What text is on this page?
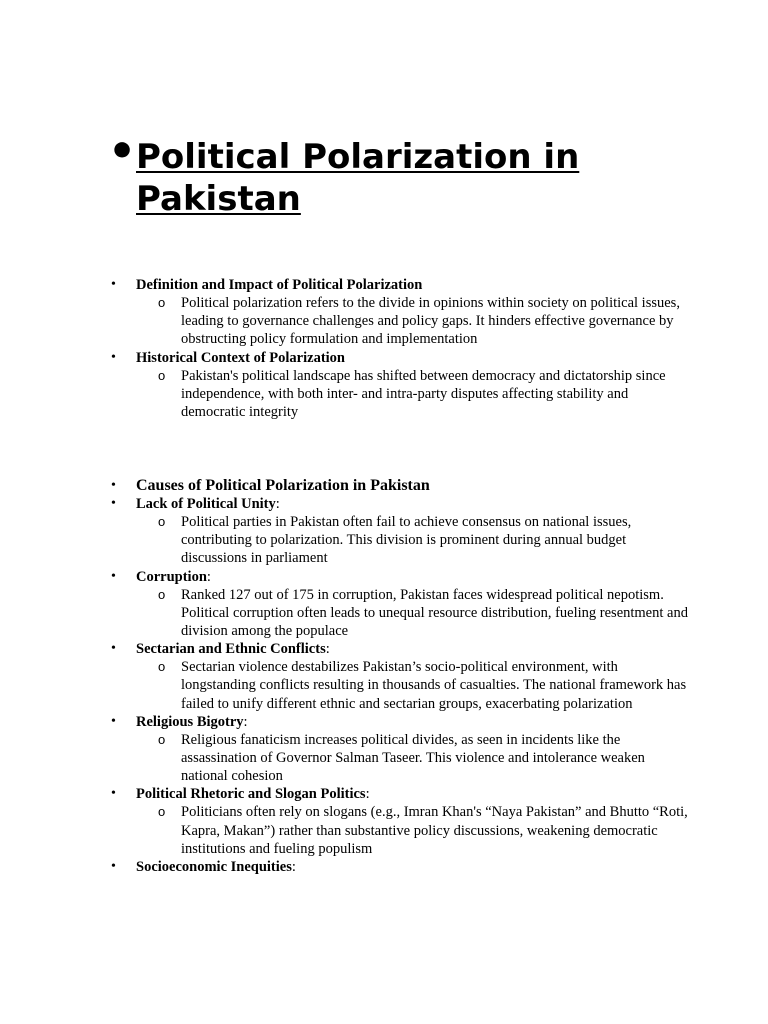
• Political Polarization in Pakistan
• Definition and Impact of Political Polarization
o Political polarization refers to the divide in opinions within society on political issues, leading to governance challenges and policy gaps. It hinders effective governance by obstructing policy formulation and implementation
• Historical Context of Polarization
o Pakistan's political landscape has shifted between democracy and dictatorship since independence, with both inter- and intra-party disputes affecting stability and democratic integrity
• Causes of Political Polarization in Pakistan
• Lack of Political Unity:
o Political parties in Pakistan often fail to achieve consensus on national issues, contributing to polarization. This division is prominent during annual budget discussions in parliament
• Corruption:
o Ranked 127 out of 175 in corruption, Pakistan faces widespread political nepotism. Political corruption often leads to unequal resource distribution, fueling resentment and division among the populace
• Sectarian and Ethnic Conflicts:
o Sectarian violence destabilizes Pakistan’s socio-political environment, with longstanding conflicts resulting in thousands of casualties. The national framework has failed to unify different ethnic and sectarian groups, exacerbating polarization
• Religious Bigotry:
o Religious fanaticism increases political divides, as seen in incidents like the assassination of Governor Salman Taseer. This violence and intolerance weaken national cohesion
• Political Rhetoric and Slogan Politics:
o Politicians often rely on slogans (e.g., Imran Khan's “Naya Pakistan” and Bhutto “Roti, Kapra, Makan”) rather than substantive policy discussions, weakening democratic institutions and fueling populism
• Socioeconomic Inequities:
